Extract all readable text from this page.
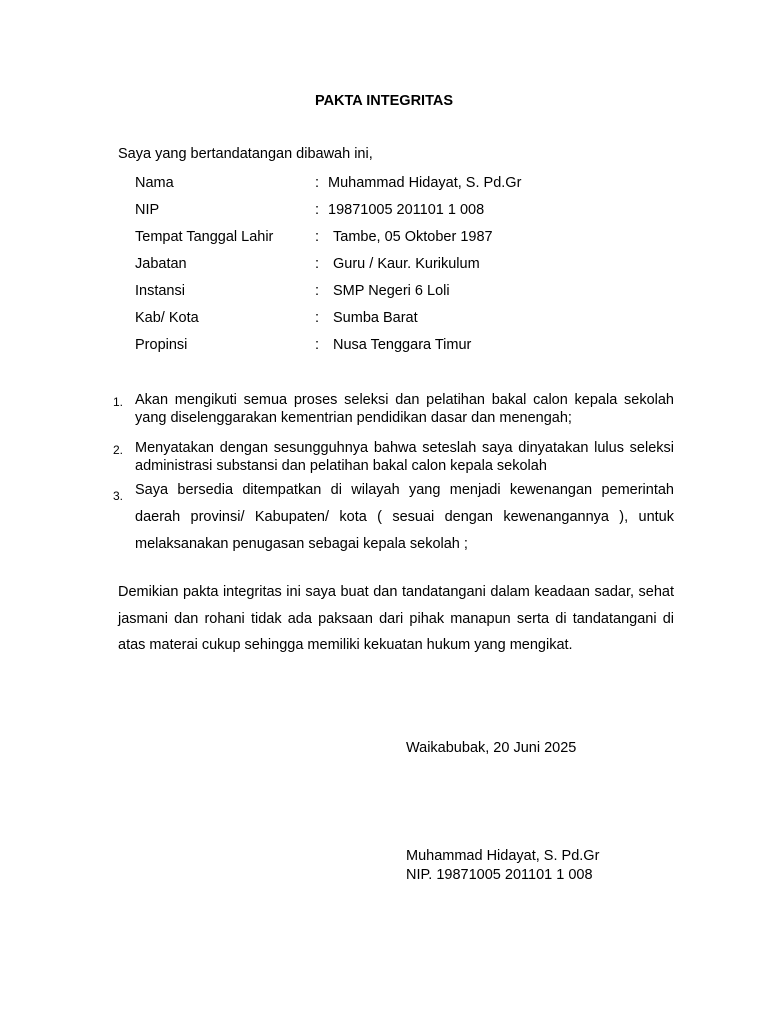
PAKTA INTEGRITAS
Saya yang bertandatangan dibawah ini,
Nama	: Muhammad Hidayat, S. Pd.Gr
NIP	: 19871005 201101 1 008
Tempat Tanggal Lahir	: Tambe, 05 Oktober 1987
Jabatan	: Guru / Kaur. Kurikulum
Instansi	: SMP Negeri 6 Loli
Kab/ Kota	: Sumba Barat
Propinsi	: Nusa Tenggara Timur
1. Akan mengikuti semua proses seleksi dan pelatihan bakal calon kepala sekolah yang diselenggarakan kementrian pendidikan dasar dan menengah;
2. Menyatakan dengan sesungguhnya bahwa seteslah saya dinyatakan lulus seleksi administrasi substansi dan pelatihan bakal calon kepala sekolah
3. Saya bersedia ditempatkan di wilayah yang menjadi kewenangan pemerintah daerah provinsi/ Kabupaten/ kota ( sesuai dengan kewenangannya ), untuk melaksanakan penugasan sebagai kepala sekolah ;
Demikian pakta integritas ini saya buat dan tandatangani dalam keadaan sadar, sehat jasmani dan rohani tidak ada paksaan dari pihak manapun serta di tandatangani di atas materai cukup sehingga memiliki kekuatan hukum yang mengikat.
Waikabubak, 20 Juni 2025
Muhammad Hidayat, S. Pd.Gr
NIP. 19871005 201101 1 008
